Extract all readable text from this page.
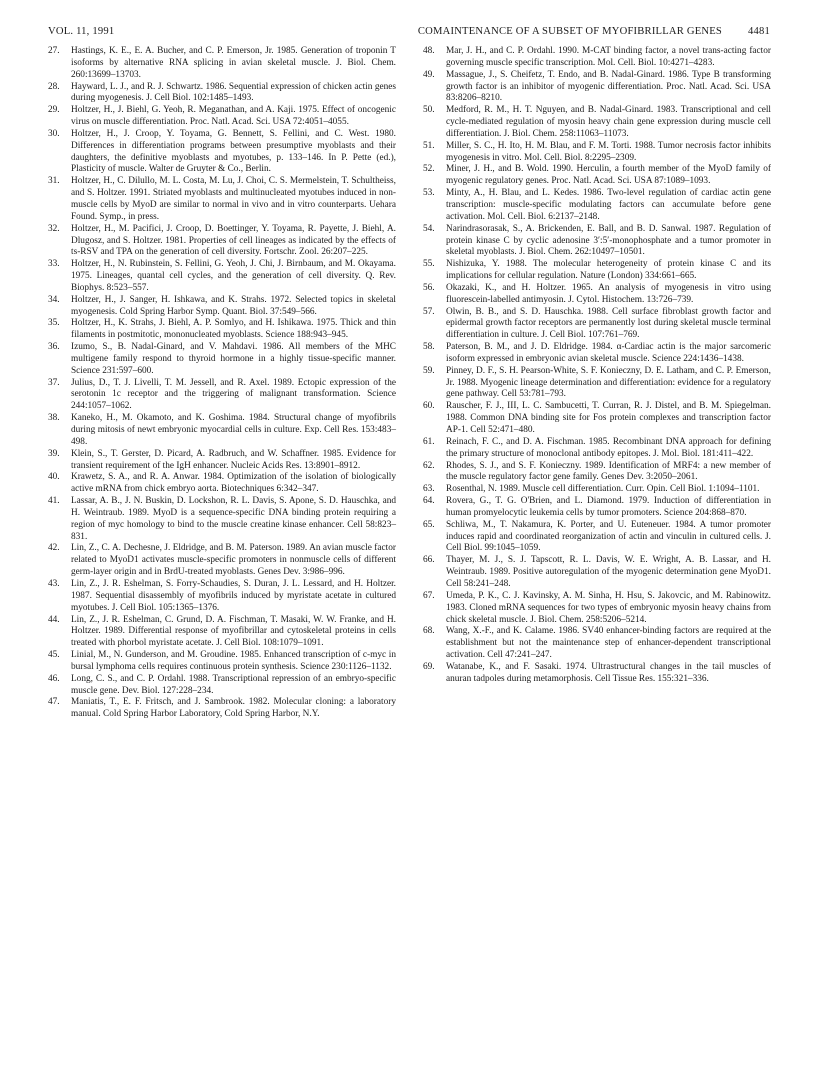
VOL. 11, 1991	COMAINTENANCE OF A SUBSET OF MYOFIBRILLAR GENES 4481
27. Hastings, K. E., E. A. Bucher, and C. P. Emerson, Jr. 1985. Generation of troponin T isoforms by alternative RNA splicing in avian skeletal muscle. J. Biol. Chem. 260:13699–13703.
28. Hayward, L. J., and R. J. Schwartz. 1986. Sequential expression of chicken actin genes during myogenesis. J. Cell Biol. 102:1485–1493.
29. Holtzer, H., J. Biehl, G. Yeoh, R. Meganathan, and A. Kaji. 1975. Effect of oncogenic virus on muscle differentiation. Proc. Natl. Acad. Sci. USA 72:4051–4055.
30. Holtzer, H., J. Croop, Y. Toyama, G. Bennett, S. Fellini, and C. West. 1980. Differences in differentiation programs between presumptive myoblasts and their daughters, the definitive myoblasts and myotubes, p. 133–146. In P. Pette (ed.), Plasticity of muscle. Walter de Gruyter & Co., Berlin.
31. Holtzer, H., C. Dilullo, M. L. Costa, M. Lu, J. Choi, C. S. Mermelstein, T. Schultheiss, and S. Holtzer. 1991. Striated myoblasts and multinucleated myotubes induced in non-muscle cells by MyoD are similar to normal in vivo and in vitro counterparts. Uehara Found. Symp., in press.
32. Holtzer, H., M. Pacifici, J. Croop, D. Boettinger, Y. Toyama, R. Payette, J. Biehl, A. Dlugosz, and S. Holtzer. 1981. Properties of cell lineages as indicated by the effects of ts-RSV and TPA on the generation of cell diversity. Fortschr. Zool. 26:207–225.
33. Holtzer, H., N. Rubinstein, S. Fellini, G. Yeoh, J. Chi, J. Birnbaum, and M. Okayama. 1975. Lineages, quantal cell cycles, and the generation of cell diversity. Q. Rev. Biophys. 8:523–557.
34. Holtzer, H., J. Sanger, H. Ishkawa, and K. Strahs. 1972. Selected topics in skeletal myogenesis. Cold Spring Harbor Symp. Quant. Biol. 37:549–566.
35. Holtzer, H., K. Strahs, J. Biehl, A. P. Somlyo, and H. Ishikawa. 1975. Thick and thin filaments in postmitotic, mononucleated myoblasts. Science 188:943–945.
36. Izumo, S., B. Nadal-Ginard, and V. Mahdavi. 1986. All members of the MHC multigene family respond to thyroid hormone in a highly tissue-specific manner. Science 231:597–600.
37. Julius, D., T. J. Livelli, T. M. Jessell, and R. Axel. 1989. Ectopic expression of the serotonin 1c receptor and the triggering of malignant transformation. Science 244:1057–1062.
38. Kaneko, H., M. Okamoto, and K. Goshima. 1984. Structural change of myofibrils during mitosis of newt embryonic myocardial cells in culture. Exp. Cell Res. 153:483–498.
39. Klein, S., T. Gerster, D. Picard, A. Radbruch, and W. Schaffner. 1985. Evidence for transient requirement of the IgH enhancer. Nucleic Acids Res. 13:8901–8912.
40. Krawetz, S. A., and R. A. Anwar. 1984. Optimization of the isolation of biologically active mRNA from chick embryo aorta. Biotechniques 6:342–347.
41. Lassar, A. B., J. N. Buskin, D. Lockshon, R. L. Davis, S. Apone, S. D. Hauschka, and H. Weintraub. 1989. MyoD is a sequence-specific DNA binding protein requiring a region of myc homology to bind to the muscle creatine kinase enhancer. Cell 58:823–831.
42. Lin, Z., C. A. Dechesne, J. Eldridge, and B. M. Paterson. 1989. An avian muscle factor related to MyoD1 activates muscle-specific promoters in nonmuscle cells of different germ-layer origin and in BrdU-treated myoblasts. Genes Dev. 3:986–996.
43. Lin, Z., J. R. Eshelman, S. Forry-Schaudies, S. Duran, J. L. Lessard, and H. Holtzer. 1987. Sequential disassembly of myofibrils induced by myristate acetate in cultured myotubes. J. Cell Biol. 105:1365–1376.
44. Lin, Z., J. R. Eshelman, C. Grund, D. A. Fischman, T. Masaki, W. W. Franke, and H. Holtzer. 1989. Differential response of myofibrillar and cytoskeletal proteins in cells treated with phorbol myristate acetate. J. Cell Biol. 108:1079–1091.
45. Linial, M., N. Gunderson, and M. Groudine. 1985. Enhanced transcription of c-myc in bursal lymphoma cells requires continuous protein synthesis. Science 230:1126–1132.
46. Long, C. S., and C. P. Ordahl. 1988. Transcriptional repression of an embryo-specific muscle gene. Dev. Biol. 127:228–234.
47. Maniatis, T., E. F. Fritsch, and J. Sambrook. 1982. Molecular cloning: a laboratory manual. Cold Spring Harbor Laboratory, Cold Spring Harbor, N.Y.
48. Mar, J. H., and C. P. Ordahl. 1990. M-CAT binding factor, a novel trans-acting factor governing muscle specific transcription. Mol. Cell. Biol. 10:4271–4283.
49. Massague, J., S. Cheifetz, T. Endo, and B. Nadal-Ginard. 1986. Type B transforming growth factor is an inhibitor of myogenic differentiation. Proc. Natl. Acad. Sci. USA 83:8206–8210.
50. Medford, R. M., H. T. Nguyen, and B. Nadal-Ginard. 1983. Transcriptional and cell cycle-mediated regulation of myosin heavy chain gene expression during muscle cell differentiation. J. Biol. Chem. 258:11063–11073.
51. Miller, S. C., H. Ito, H. M. Blau, and F. M. Torti. 1988. Tumor necrosis factor inhibits myogenesis in vitro. Mol. Cell. Biol. 8:2295–2309.
52. Miner, J. H., and B. Wold. 1990. Herculin, a fourth member of the MyoD family of myogenic regulatory genes. Proc. Natl. Acad. Sci. USA 87:1089–1093.
53. Minty, A., H. Blau, and L. Kedes. 1986. Two-level regulation of cardiac actin gene transcription: muscle-specific modulating factors can accumulate before gene activation. Mol. Cell. Biol. 6:2137–2148.
54. Narindrasorasak, S., A. Brickenden, E. Ball, and B. D. Sanwal. 1987. Regulation of protein kinase C by cyclic adenosine 3′:5′-monophosphate and a tumor promoter in skeletal myoblasts. J. Biol. Chem. 262:10497–10501.
55. Nishizuka, Y. 1988. The molecular heterogeneity of protein kinase C and its implications for cellular regulation. Nature (London) 334:661–665.
56. Okazaki, K., and H. Holtzer. 1965. An analysis of myogenesis in vitro using fluorescein-labelled antimyosin. J. Cytol. Histochem. 13:726–739.
57. Olwin, B. B., and S. D. Hauschka. 1988. Cell surface fibroblast growth factor and epidermal growth factor receptors are permanently lost during skeletal muscle terminal differentiation in culture. J. Cell Biol. 107:761–769.
58. Paterson, B. M., and J. D. Eldridge. 1984. α-Cardiac actin is the major sarcomeric isoform expressed in embryonic avian skeletal muscle. Science 224:1436–1438.
59. Pinney, D. F., S. H. Pearson-White, S. F. Konieczny, D. E. Latham, and C. P. Emerson, Jr. 1988. Myogenic lineage determination and differentiation: evidence for a regulatory gene pathway. Cell 53:781–793.
60. Rauscher, F. J., III, L. C. Sambucetti, T. Curran, R. J. Distel, and B. M. Spiegelman. 1988. Common DNA binding site for Fos protein complexes and transcription factor AP-1. Cell 52:471–480.
61. Reinach, F. C., and D. A. Fischman. 1985. Recombinant DNA approach for defining the primary structure of monoclonal antibody epitopes. J. Mol. Biol. 181:411–422.
62. Rhodes, S. J., and S. F. Konieczny. 1989. Identification of MRF4: a new member of the muscle regulatory factor gene family. Genes Dev. 3:2050–2061.
63. Rosenthal, N. 1989. Muscle cell differentiation. Curr. Opin. Cell Biol. 1:1094–1101.
64. Rovera, G., T. G. O'Brien, and L. Diamond. 1979. Induction of differentiation in human promyelocytic leukemia cells by tumor promoters. Science 204:868–870.
65. Schliwa, M., T. Nakamura, K. Porter, and U. Euteneuer. 1984. A tumor promoter induces rapid and coordinated reorganization of actin and vinculin in cultured cells. J. Cell Biol. 99:1045–1059.
66. Thayer, M. J., S. J. Tapscott, R. L. Davis, W. E. Wright, A. B. Lassar, and H. Weintraub. 1989. Positive autoregulation of the myogenic determination gene MyoD1. Cell 58:241–248.
67. Umeda, P. K., C. J. Kavinsky, A. M. Sinha, H. Hsu, S. Jakovcic, and M. Rabinowitz. 1983. Cloned mRNA sequences for two types of embryonic myosin heavy chains from chick skeletal muscle. J. Biol. Chem. 258:5206–5214.
68. Wang, X.-F., and K. Calame. 1986. SV40 enhancer-binding factors are required at the establishment but not the maintenance step of enhancer-dependent transcriptional activation. Cell 47:241–247.
69. Watanabe, K., and F. Sasaki. 1974. Ultrastructural changes in the tail muscles of anuran tadpoles during metamorphosis. Cell Tissue Res. 155:321–336.
